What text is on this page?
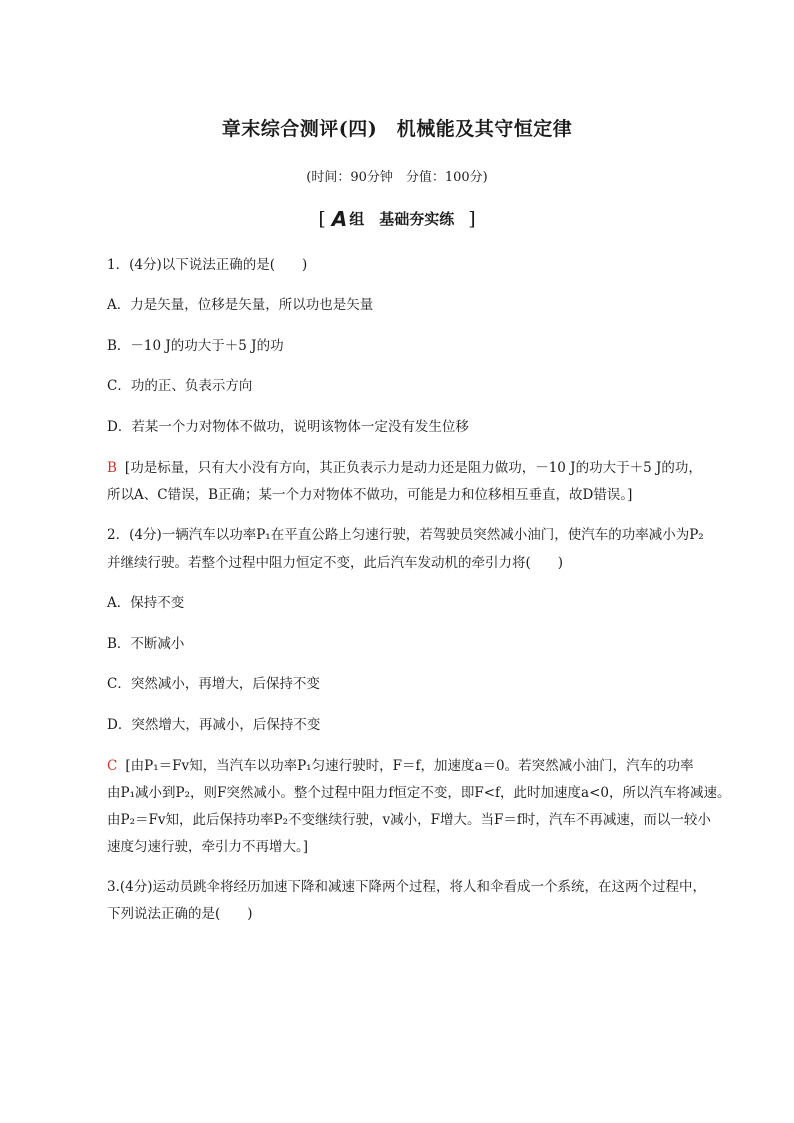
章末综合测评(四)　机械能及其守恒定律
(时间：90分钟　分值：100分)
[ A 组　基础夯实练 ]
1．(4分)以下说法正确的是(　　)
A．力是矢量，位移是矢量，所以功也是矢量
B．－10 J的功大于＋5 J的功
C．功的正、负表示方向
D．若某一个力对物体不做功，说明该物体一定没有发生位移
B [功是标量，只有大小没有方向，其正负表示力是动力还是阻力做功，－10 J的功大于＋5 J的功，
所以A、C错误，B正确；某一个力对物体不做功，可能是力和位移相互垂直，故D错误。]
2．(4分)一辆汽车以功率P₁在平直公路上匀速行驶，若驾驶员突然减小油门，使汽车的功率减小为P₂
并继续行驶。若整个过程中阻力恒定不变，此后汽车发动机的牵引力将(　　)
A．保持不变
B．不断减小
C．突然减小，再增大，后保持不变
D．突然增大，再减小，后保持不变
C [由P₁＝Fv知，当汽车以功率P₁匀速行驶时，F＝f，加速度a＝0。若突然减小油门，汽车的功率
由P₁减小到P₂，则F突然减小。整个过程中阻力f恒定不变，即F<f，此时加速度a<0，所以汽车将减速。
由P₂＝Fv知，此后保持功率P₂不变继续行驶，v减小，F增大。当F＝f时，汽车不再减速，而以一较小
速度匀速行驶，牵引力不再增大。]
3.(4分)运动员跳伞将经历加速下降和减速下降两个过程，将人和伞看成一个系统，在这两个过程中，
下列说法正确的是(　　)
